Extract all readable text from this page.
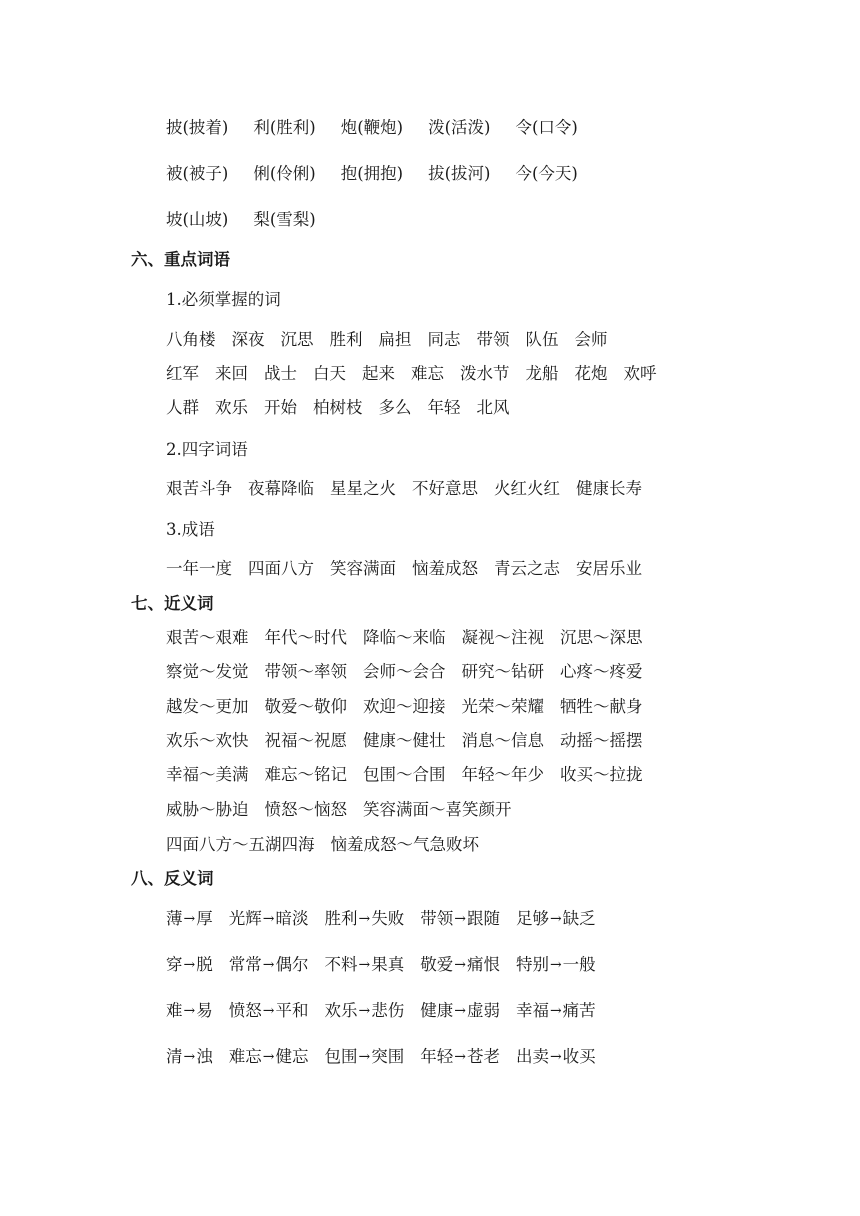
披(披着) 利(胜利) 炮(鞭炮) 泼(活泼) 令(口令)
被(被子) 俐(伶俐) 抱(拥抱) 拔(拔河) 今(今天)
坡(山坡) 梨(雪梨)
六、重点词语
1.必须掌握的词
八角楼 深夜 沉思 胜利 扁担 同志 带领 队伍 会师
红军 来回 战士 白天 起来 难忘 泼水节 龙船 花炮 欢呼
人群 欢乐 开始 柏树枝 多么 年轻 北风
2.四字词语
艰苦斗争 夜幕降临 星星之火 不好意思 火红火红 健康长寿
3.成语
一年一度 四面八方 笑容满面 恼羞成怒 青云之志 安居乐业
七、近义词
艰苦～艰难 年代～时代 降临～来临 凝视～注视 沉思～深思
察觉～发觉 带领～率领 会师～会合 研究～钻研 心疼～疼爱
越发～更加 敬爱～敬仰 欢迎～迎接 光荣～荣耀 牺牲～献身
欢乐～欢快 祝福～祝愿 健康～健壮 消息～信息 动摇～摇摆
幸福～美满 难忘～铭记 包围～合围 年轻～年少 收买～拉拢
威胁～胁迫 愤怒～恼怒 笑容满面～喜笑颜开
四面八方～五湖四海 恼羞成怒～气急败坏
八、反义词
薄→厚 光辉→暗淡 胜利→失败 带领→跟随 足够→缺乏
穿→脱 常常→偶尔 不料→果真 敬爱→痛恨 特别→一般
难→易 愤怒→平和 欢乐→悲伤 健康→虚弱 幸福→痛苦
清→浊 难忘→健忘 包围→突围 年轻→苍老 出卖→收买
